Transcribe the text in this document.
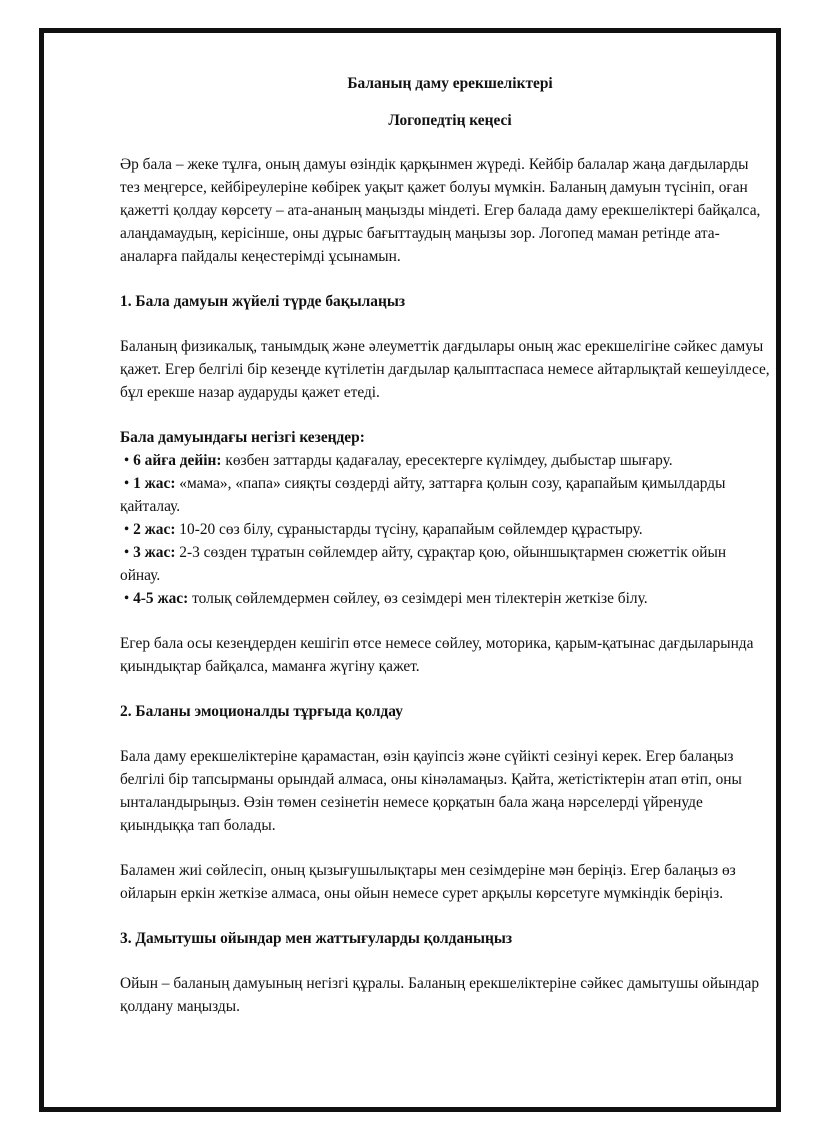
Баланың даму ерекшеліктері

Логопедтің кеңесі

Әр бала – жеке тұлға, оның дамуы өзіндік қарқынмен жүреді. Кейбір балалар жаңа дағдыларды тез меңгерсе, кейбіреулеріне көбірек уақыт қажет болуы мүмкін. Баланың дамуын түсініп, оған қажетті қолдау көрсету – ата-ананың маңызды міндеті. Егер балада даму ерекшеліктері байқалса, алаңдамаудың, керісінше, оны дұрыс бағыттаудың маңызы зор. Логопед маман ретінде ата-аналарға пайдалы кеңестерімді ұсынамын.

1. Бала дамуын жүйелі түрде бақылаңыз

Баланың физикалық, танымдық және әлеуметтік дағдылары оның жас ерекшелігіне сәйкес дамуы қажет. Егер белгілі бір кезеңде күтілетін дағдылар қалыптаспаса немесе айтарлықтай кешеуілдесе, бұл ерекше назар аударуды қажет етеді.

Бала дамуындағы негізгі кезеңдер:

• 6 айға дейін: көзбен заттарды қадағалау, ересектерге күлімдеу, дыбыстар шығару.

• 1 жас: «мама», «папа» сияқты сөздерді айту, заттарға қолын созу, қарапайым қимылдарды қайталау.

• 2 жас: 10-20 сөз білу, сұраныстарды түсіну, қарапайым сөйлемдер құрастыру.

• 3 жас: 2-3 сөзден тұратын сөйлемдер айту, сұрақтар қою, ойыншықтармен сюжеттік ойын ойнау.

• 4-5 жас: толық сөйлемдермен сөйлеу, өз сезімдері мен тілектерін жеткізе білу.

Егер бала осы кезеңдерден кешігіп өтсе немесе сөйлеу, моторика, қарым-қатынас дағдыларында қиындықтар байқалса, маманға жүгіну қажет.

2. Баланы эмоционалды тұрғыда қолдау

Бала даму ерекшеліктеріне қарамастан, өзін қауіпсіз және сүйікті сезінуі керек. Егер балаңыз белгілі бір тапсырманы орындай алмаса, оны кінәламаңыз. Қайта, жетістіктерін атап өтіп, оны ынталандырыңыз. Өзін төмен сезінетін немесе қорқатын бала жаңа нәрселерді үйренуде қиындыққа тап болады.

Баламен жиі сөйлесіп, оның қызығушылықтары мен сезімдеріне мән беріңіз. Егер балаңыз өз ойларын еркін жеткізе алмаса, оны ойын немесе сурет арқылы көрсетуге мүмкіндік беріңіз.

3. Дамытушы ойындар мен жаттығуларды қолданыңыз

Ойын – баланың дамуының негізгі құралы. Баланың ерекшеліктеріне сәйкес дамытушы ойындар қолдану маңызды.
